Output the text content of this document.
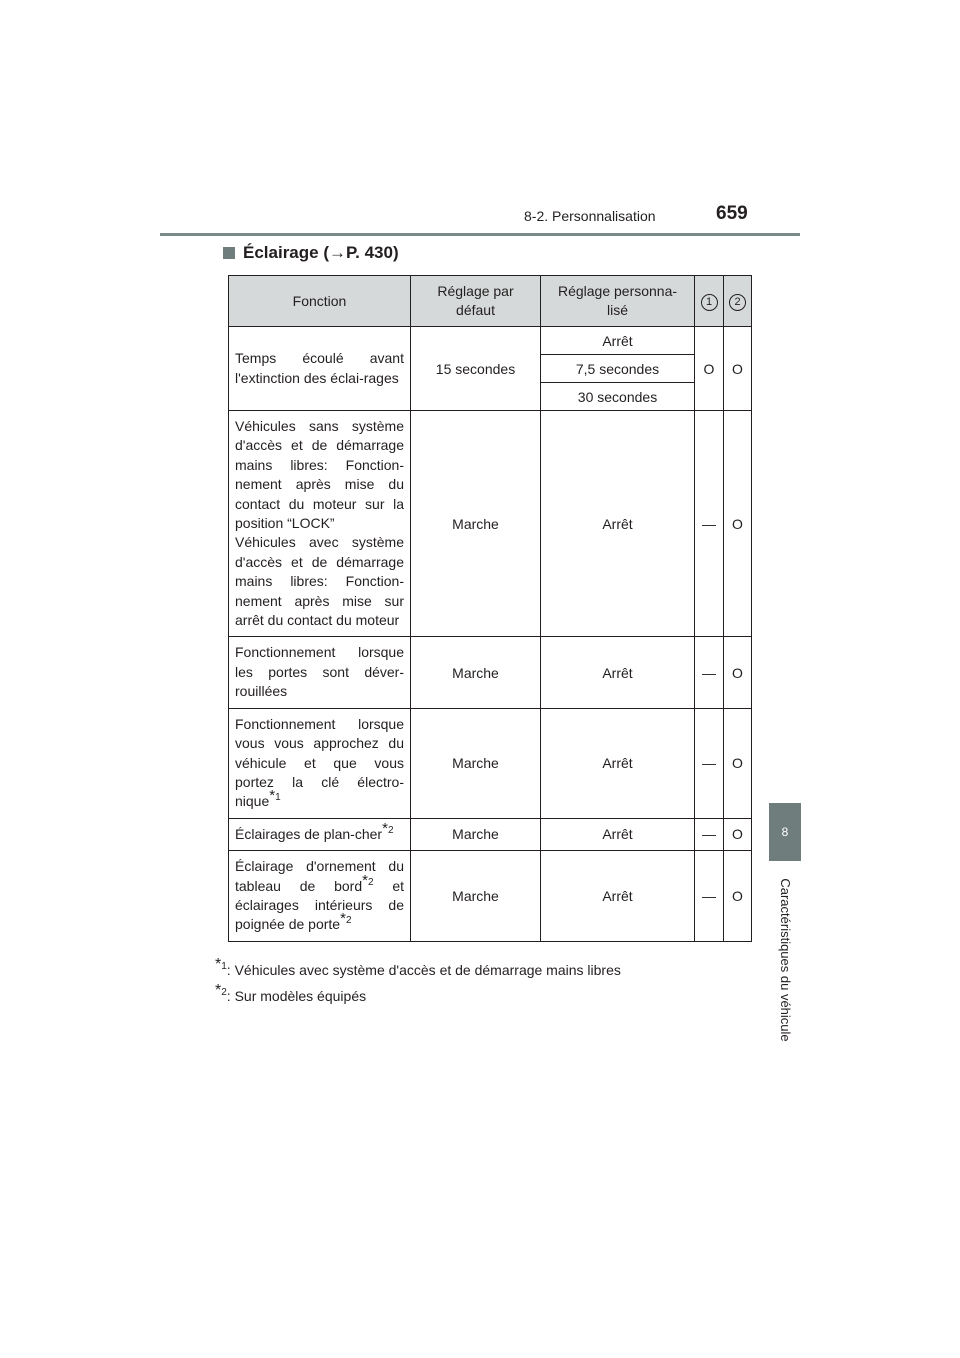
8-2. Personnalisation	659
8
Caractéristiques du véhicule
Éclairage (→P. 430)
Fonction	Réglage par défaut	Réglage personna-lisé	1	2
Temps écoulé avant l'extinction des éclai-rages	15 secondes	Arrêt	O	O
		7,5 secondes		
		30 secondes		

Véhicules sans système d'accès et de démarrage mains libres: Fonction-nement après mise du contact du moteur sur la position “LOCK”
Véhicules avec système d'accès et de démarrage mains libres: Fonction-nement après mise sur arrêt du contact du moteur	Marche	Arrêt	—	O
Fonctionnement lorsque les portes sont déver-rouillées	Marche	Arrêt	—	O
Fonctionnement lorsque vous vous approchez du véhicule et que vous portez la clé électro-nique$^{*1}$	Marche	Arrêt	—	O
Éclairages de plan-cher$^{*2}$	Marche	Arrêt	—	O
Éclairage d'ornement du tableau de bord$^{*2}$ et éclairages intérieurs de poignée de porte$^{*2}$	Marche	Arrêt	—	O
$^{*1}$: Véhicules avec système d'accès et de démarrage mains libres
$^{*2}$: Sur modèles équipés
